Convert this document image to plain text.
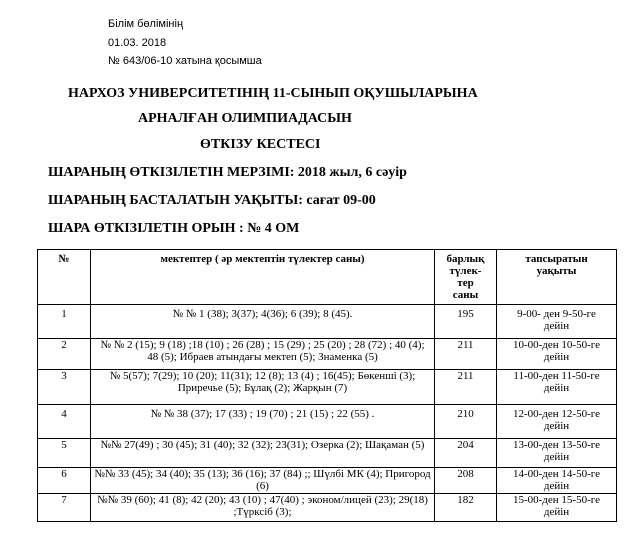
Білім бөлімінің
01.03. 2018
№ 643/06-10 хатына қосымша
НАРХОЗ УНИВЕРСИТЕТІНІҢ 11-СЫНЫП ОҚУШЫЛАРЫНА
АРНАЛҒАН ОЛИМПИАДАСЫН
ӨТКІЗУ КЕСТЕСІ
ШАРАНЫҢ ӨТКІЗІЛЕТІН МЕРЗІМІ: 2018 жыл, 6 сәуір
ШАРАНЫҢ БАСТАЛАТЫН УАҚЫТЫ: сағат 09-00
ШАРА ӨТКІЗІЛЕТІН ОРЫН : № 4 ОМ
№	мектептер ( әр мектептін түлектер саны)	барлық түлек-тер саны	тапсыратын уақыты
1	№ № 1 (38); 3(37); 4(36); 6 (39); 8 (45).	195	9-00- ден 9-50-ге дейін
2	№ № 2 (15); 9 (18) ;18 (10) ; 26 (28) ; 15 (29) ; 25 (20) ; 28 (72) ; 40 (4); 48 (5); Ибраев атындағы мектеп (5); Знаменка (5)	211	10-00-ден 10-50-ге дейін
3	№ 5(57); 7(29); 10 (20); 11(31); 12 (8); 13 (4) ; 16(45); Бөкенші (3); Приречье (5); Бұлақ (2); Жарқын (7)	211	11-00-ден 11-50-ге дейін
4	№ № 38 (37); 17 (33) ; 19 (70) ; 21 (15) ; 22 (55) .	210	12-00-ден 12-50-ге дейін
5	№№ 27(49) ; 30 (45); 31 (40); 32 (32); 23(31); Озерка (2); Шақаман (5)	204	13-00-ден 13-50-ге дейін
6	№№ 33 (45); 34 (40); 35 (13); 36 (16); 37 (84) ;; Шүлбі МК (4); Пригород (6)	208	14-00-ден 14-50-ге дейін
7	№№ 39 (60); 41 (8); 42 (20); 43 (10) ; 47(40) ; эконом/лицей (23); 29(18) ;Түрксіб (3);	182	15-00-ден 15-50-ге дейін
